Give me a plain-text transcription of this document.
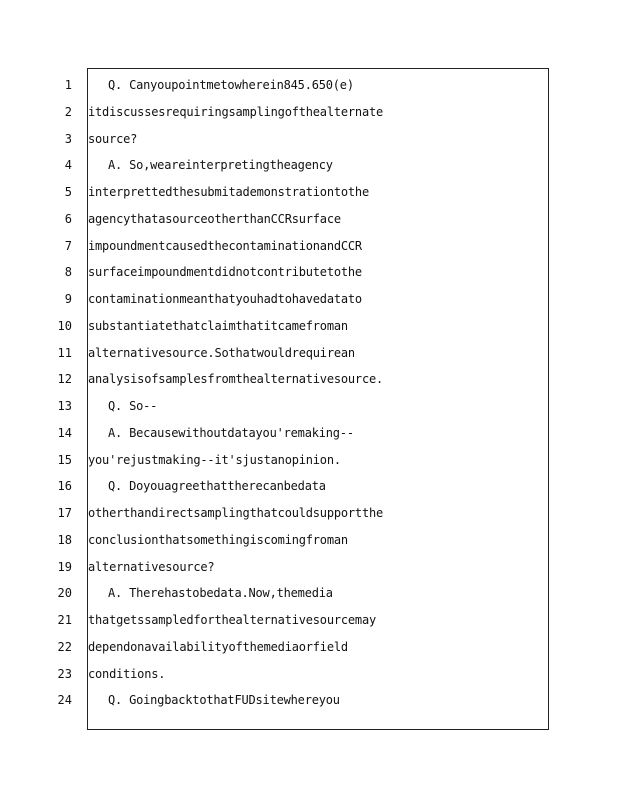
1	Q. Canyoupointmetowherein845.650(e)
2 itdiscussesrequiringsamplingofthealternate
3 source?
4	A. So,weareinterpretingtheagency
5 interprettedthesubmitademonstrationtothe
6 agencythatasourceotherthanCCRsurface
7 impoundmentcausedthecontaminationandCCR
8 surfaceimpoundmentdidnotcontributetothe
9 contaminationmeanthatyouhadtohavedatato
10 substantiatethatclaimthatitcamefroman
11 alternativesource.Sothatwouldrequirean
12 analysisofsamplesfromthealternativesource.
13	Q. So--
14	A. Becausewithoutdatayou'remaking--
15 you'rejustmaking--it'sjustanopinion.
16	Q. Doyouagreethattherecanbedata
17 otherthandirectsamplingthatcouldsupportthe
18 conclusionthatsomethingiscomingfroman
19 alternativesource?
20	A. Therehastobedata.Now,themedia
21 thatgetssampledforthealternativesourcemay
22 dependonavailabilityofthemediaorfield
23 conditions.
24	Q. GoingbacktothatFUDsitewhereyou
